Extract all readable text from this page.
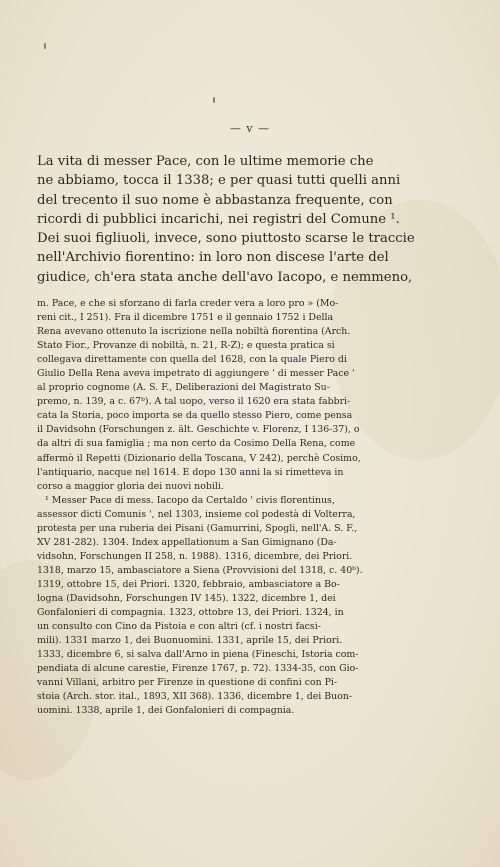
— v —
La vita di messer Pace, con le ultime memorie che
ne abbiamo, tocca il 1338; e per quasi tutti quelli anni
del trecento il suo nome è abbastanza frequente, con
ricordi di pubblici incarichi, nei registri del Comune ¹.
Dei suoi figliuoli, invece, sono piuttosto scarse le traccie
nell'Archivio fiorentino: in loro non discese l'arte del
giudice, ch'era stata anche dell'avo Iacopo, e nemmeno,
m. Pace, e che si sforzano di farla creder vera a loro pro » (Mo-
reni cit., I 251). Fra il dicembre 1751 e il gennaio 1752 i Della
Rena avevano ottenuto la iscrizione nella nobiltà fiorentina (Arch.
Stato Fior., Provanze di nobiltà, n. 21, R-Z); e questa pratica si
collegava direttamente con quella del 1628, con la quale Piero di
Giulio Della Rena aveva impetrato di aggiungere ' di messer Pace '
al proprio cognome (A. S. F., Deliberazioni del Magistrato Su-
premo, n. 139, a c. 67ᵇ). A tal uopo, verso il 1620 era stata fabbri-
cata la Storia, poco importa se da quello stesso Piero, come pensa
il Davidsohn (Forschungen z. ält. Geschichte v. Florenz, I 136-37), o
da altri di sua famiglia ; ma non certo da Cosimo Della Rena, come
affermò il Repetti (Dizionario della Toscana, V 242), perchè Cosimo,
l'antiquario, nacque nel 1614. E dopo 130 anni la si rimetteva in
corso a maggior gloria dei nuovi nobili.
¹ Messer Pace di mess. Iacopo da Certaldo ' civis florentinus,
assessor dicti Comunis ', nel 1303, insieme col podestà di Volterra,
protesta per una ruberia dei Pisani (Gamurrini, Spogli, nell'A. S. F.,
XV 281-282). 1304. Index appellationum a San Gimignano (Da-
vidsohn, Forschungen II 258, n. 1988). 1316, dicembre, dei Priori.
1318, marzo 15, ambasciatore a Siena (Provvisioni del 1318, c. 40ᵇ).
1319, ottobre 15, dei Priori. 1320, febbraio, ambasciatore a Bo-
logna (Davidsohn, Forschungen IV 145). 1322, dicembre 1, dei
Gonfalonieri di compagnia. 1323, ottobre 13, dei Priori. 1324, in
un consulto con Cino da Pistoia e con altri (cf. i nostri facsi-
mili). 1331 marzo 1, dei Buonuomini. 1331, aprile 15, dei Priori.
1333, dicembre 6, si salva dall'Arno in piena (Fineschi, Istoria com-
pendiata di alcune carestie, Firenze 1767, p. 72). 1334-35, con Gio-
vanni Villani, arbitro per Firenze in questione di confini con Pi-
stoia (Arch. stor. ital., 1893, XII 368). 1336, dicembre 1, dei Buon-
uomini. 1338, aprile 1, dei Gonfalonieri di compagnia.
